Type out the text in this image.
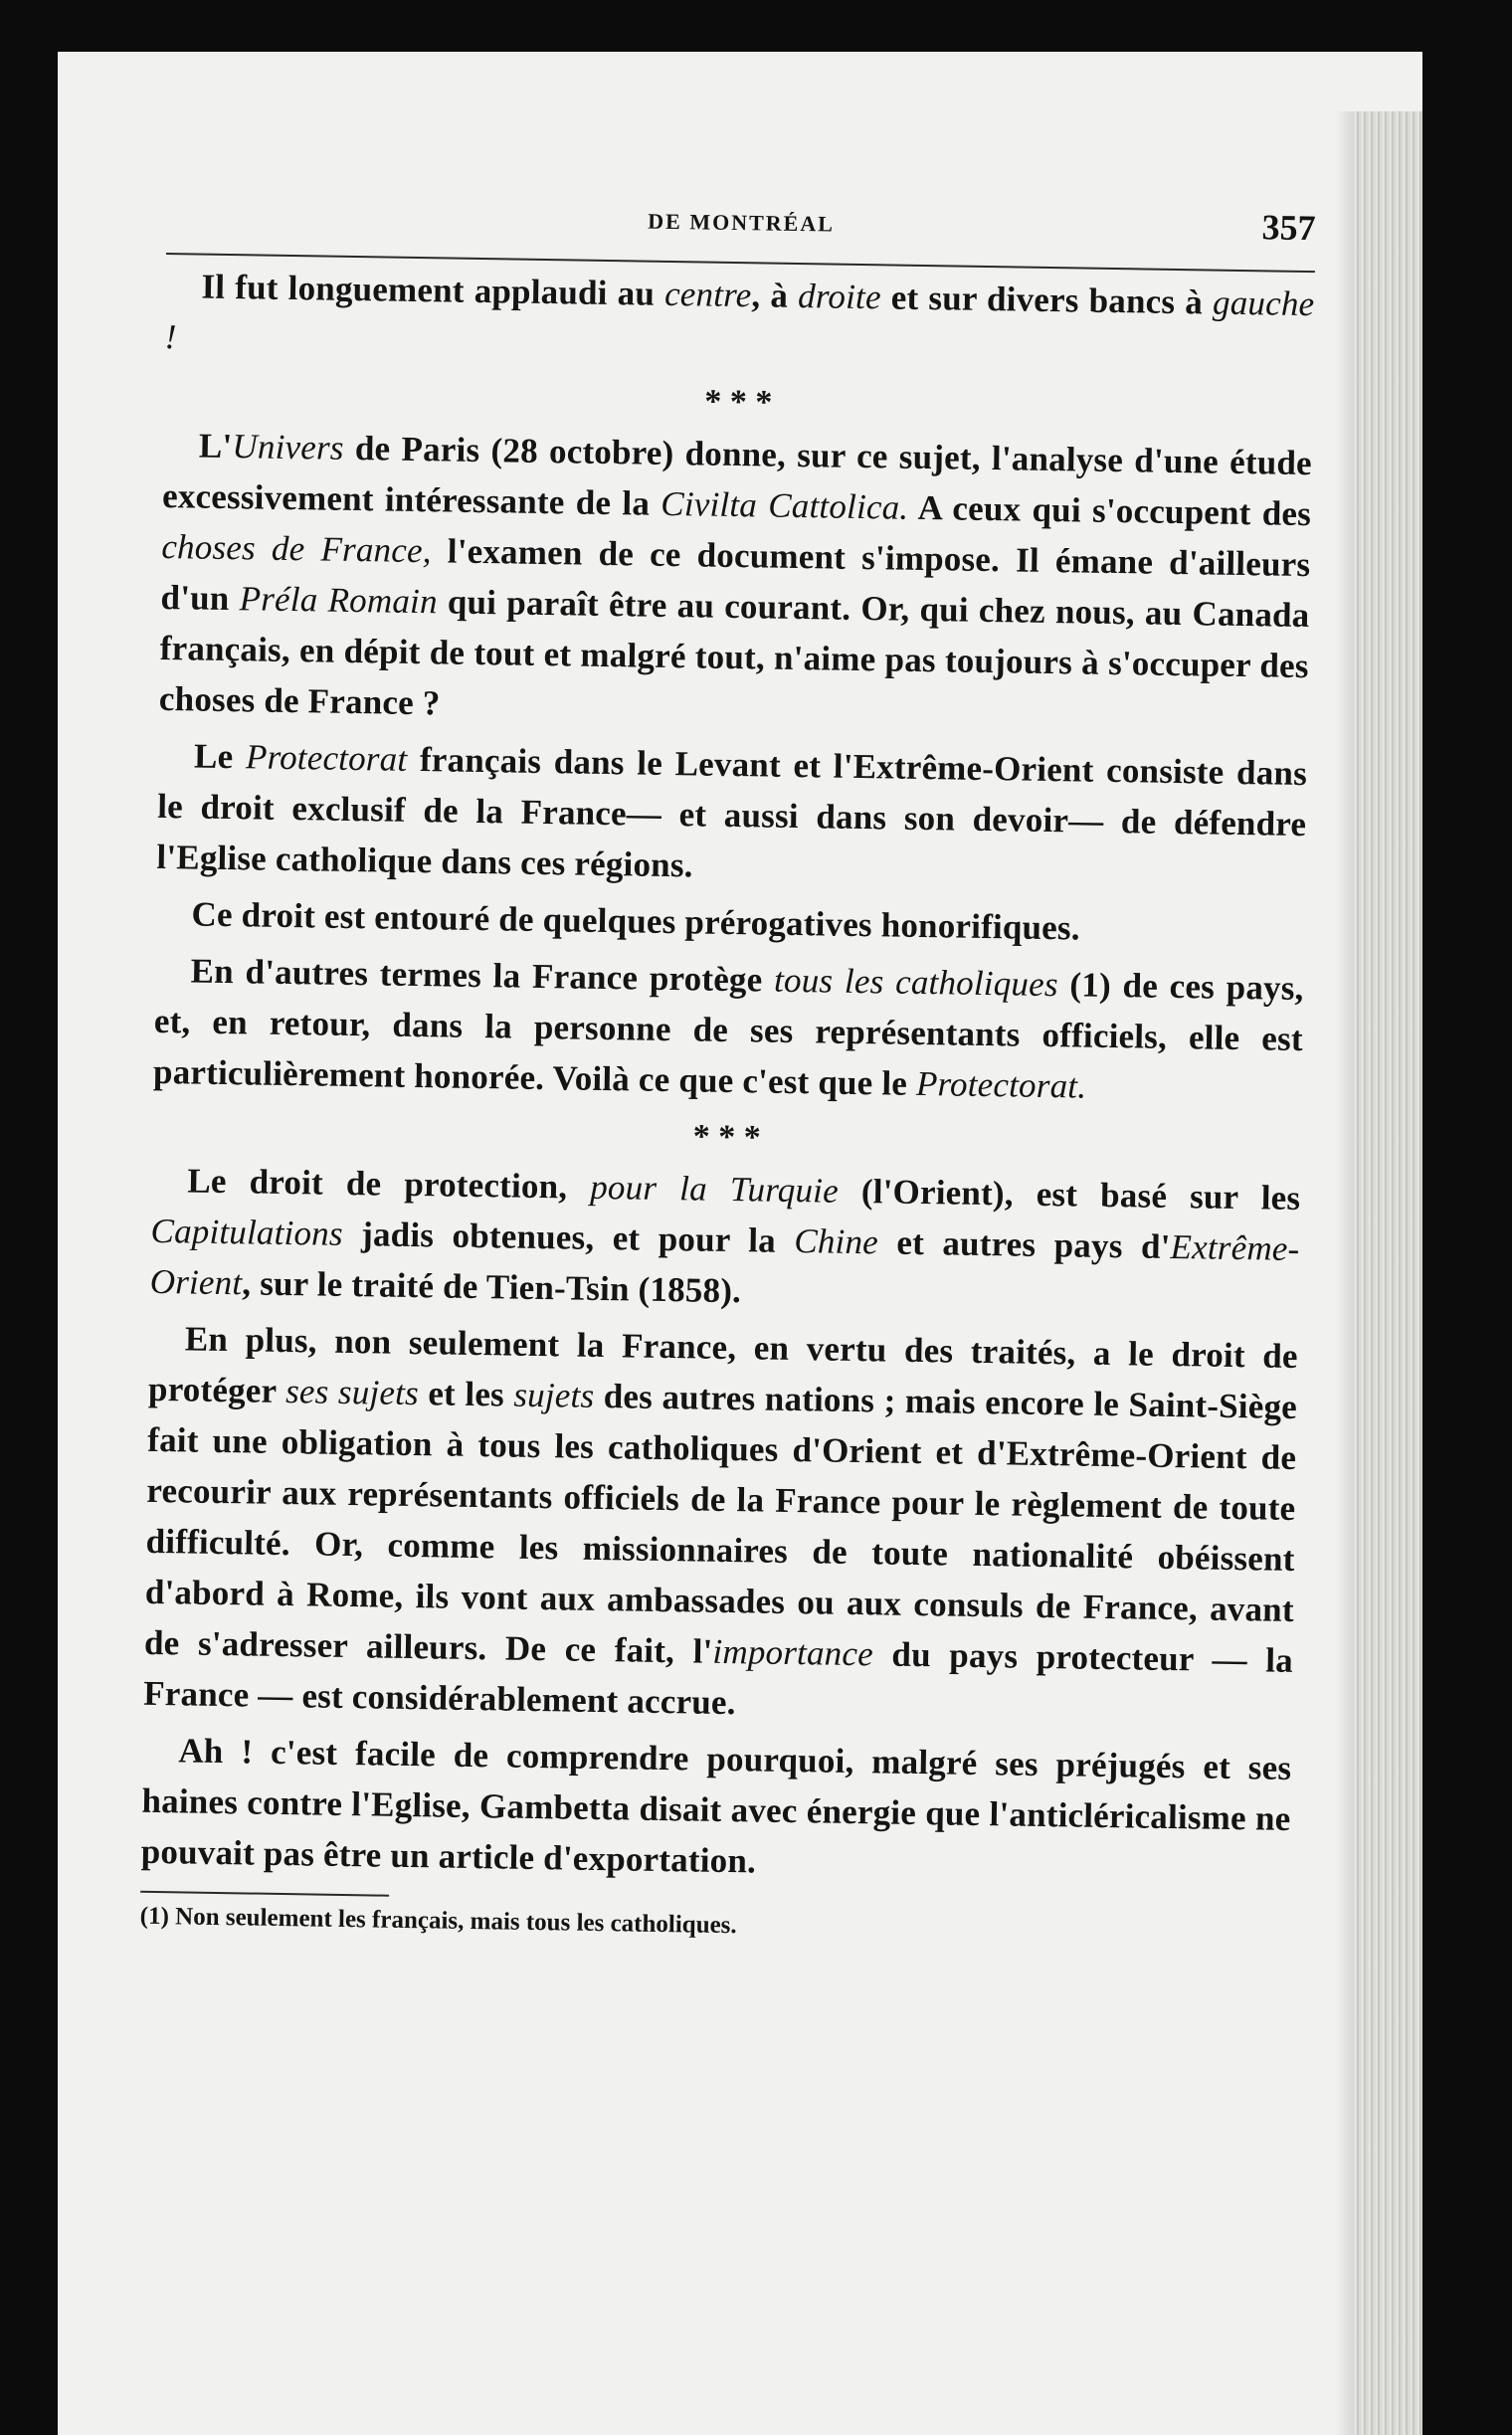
DE MONTRÉAL	357

Il fut longuement applaudi au centre, à droite et sur divers bancs à gauche !

* * *

L'Univers de Paris (28 octobre) donne, sur ce sujet, l'analyse d'une étude excessivement intéressante de la Civilta Cattolica. A ceux qui s'occupent des choses de France, l'examen de ce document s'impose. Il émane d'ailleurs d'un Préla Romain qui paraît être au courant. Or, qui chez nous, au Canada français, en dépit de tout et malgré tout, n'aime pas toujours à s'occuper des choses de France ?

Le Protectorat français dans le Levant et l'Extrême-Orient consiste dans le droit exclusif de la France— et aussi dans son devoir— de défendre l'Eglise catholique dans ces régions.

Ce droit est entouré de quelques prérogatives honorifiques.

En d'autres termes la France protège tous les catholiques (1) de ces pays, et, en retour, dans la personne de ses représentants officiels, elle est particulièrement honorée. Voilà ce que c'est que le Protectorat.

* * *

Le droit de protection, pour la Turquie (l'Orient), est basé sur les Capitulations jadis obtenues, et pour la Chine et autres pays d'Extrême-Orient, sur le traité de Tien-Tsin (1858).

En plus, non seulement la France, en vertu des traités, a le droit de protéger ses sujets et les sujets des autres nations ; mais encore le Saint-Siège fait une obligation à tous les catholiques d'Orient et d'Extrême-Orient de recourir aux représentants officiels de la France pour le règlement de toute difficulté. Or, comme les missionnaires de toute nationalité obéissent d'abord à Rome, ils vont aux ambassades ou aux consuls de France, avant de s'adresser ailleurs. De ce fait, l'importance du pays protecteur — la France — est considérablement accrue.

Ah ! c'est facile de comprendre pourquoi, malgré ses préjugés et ses haines contre l'Eglise, Gambetta disait avec énergie que l'anticléricalisme ne pouvait pas être un article d'exportation.

(1) Non seulement les français, mais tous les catholiques.
